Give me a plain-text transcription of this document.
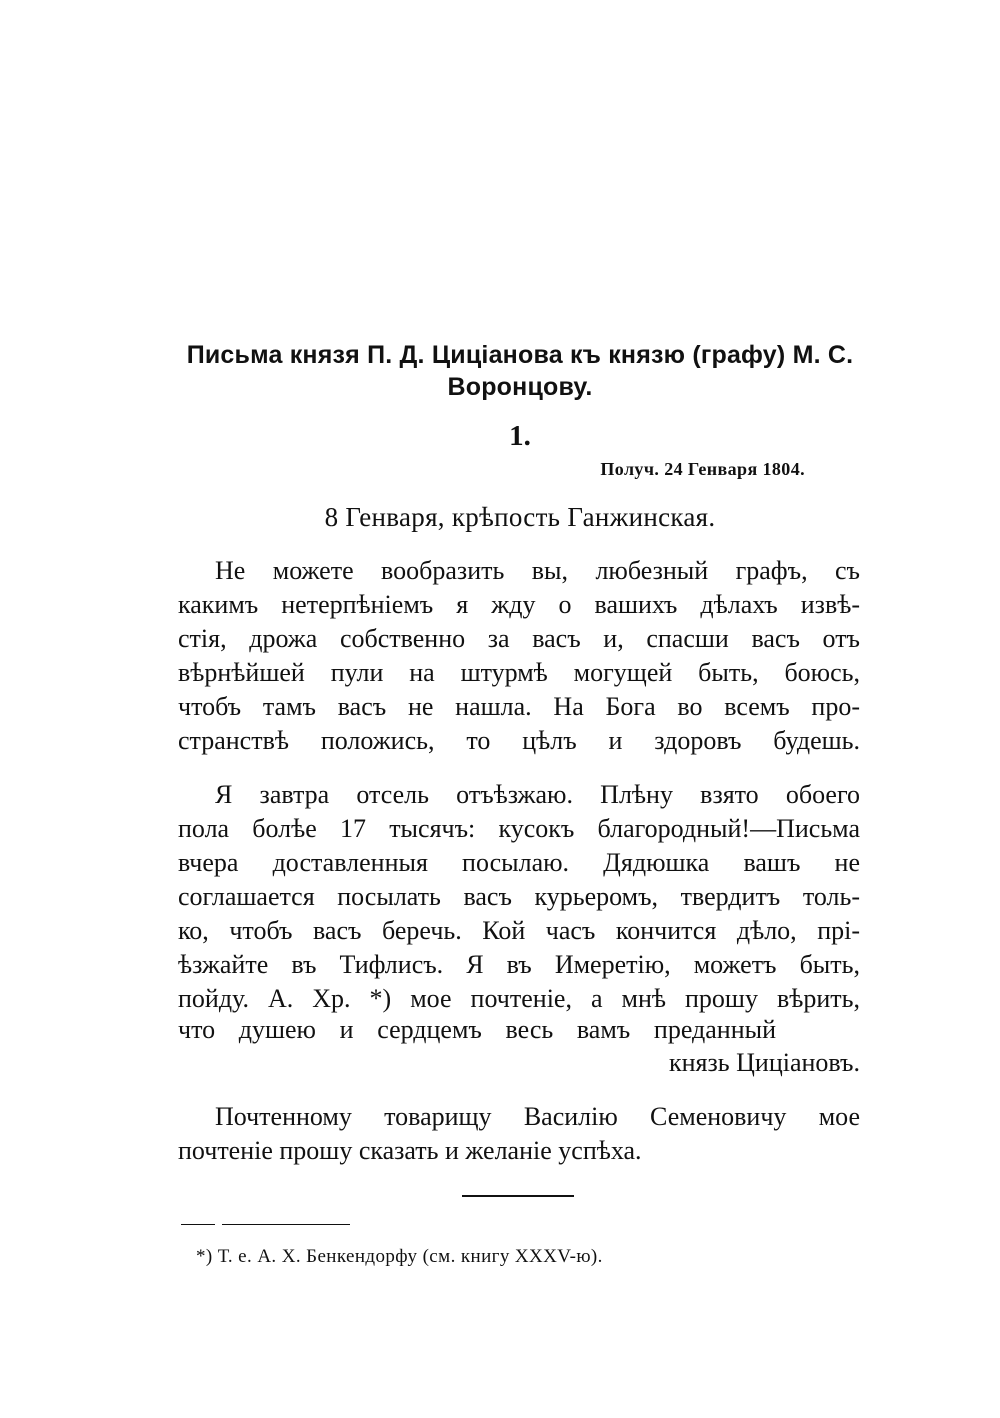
Письма князя П. Д. Циціанова къ князю (графу) М. С.

Воронцову.

1.

Получ. 24 Генваря 1804.

8 Генваря, крѣпость Ганжинская.

Не можете вообразить вы, любезный графъ, съ

какимъ нетерпѣніемъ я жду о вашихъ дѣлахъ извѣ-

стія, дрожа собственно за васъ и, спасши васъ отъ

вѣрнѣйшей пули на штурмѣ могущей быть, боюсь,

чтобъ тамъ васъ не нашла. На Бога во всемъ про-

странствѣ положись, то цѣлъ и здоровъ будешь.

Я завтра отсель отъѣзжаю. Плѣну взято обоего

пола болѣе 17 тысячъ: кусокъ благородный!—Письма

вчера доставленныя посылаю. Дядюшка вашъ не

соглашается посылать васъ курьеромъ, твердитъ толь-

ко, чтобъ васъ беречь. Кой часъ кончится дѣло, прі-

ѣзжайте въ Тифлисъ. Я въ Имеретію, можетъ быть,

пойду. А. Хр. *) мое почтеніе, а мнѣ прошу вѣрить,

что душею и сердцемъ весь вамъ преданный

князь Циціановъ.

Почтенному товарищу Василію Семеновичу мое

почтеніе прошу сказать и желаніе успѣха.

*) Т. е. А. Х. Бенкендорфу (см. книгу XXXV-ю).
